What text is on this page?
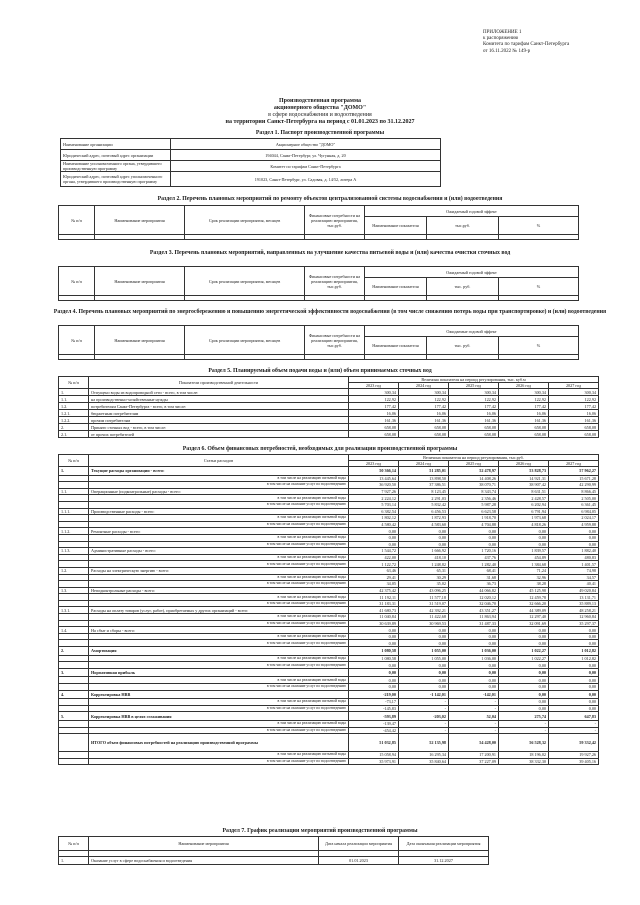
ПРИЛОЖЕНИЕ 1
к распоряжению
Комитета по тарифам Санкт-Петербурга
от 16.11.2022 № 149-р
Производственная программа
акционерного общества "ДОМО"
в сфере водоснабжения и водоотведения
на территории Санкт-Петербурга на период с 01.01.2023 по 31.12.2027
Раздел 1. Паспорт производственной программы
Наименование организации	Акционерное общество "ДОМО"
Юридический адрес, почтовый адрес организации	194044, Санкт-Петербург, ул. Чугунная, д. 20
Наименование уполномоченного органа, утвердившего производственную программу	Комитет по тарифам Санкт-Петербурга
Юридический адрес, почтовый адрес уполномоченного органа, утвердившего производственную программу	191023, Санкт-Петербург, ул. Садовая, д. 14/52, литера А
Раздел 2. Перечень плановых мероприятий по ремонту объектов централизованной системы водоснабжения и (или) водоотведения
№ п/п	Наименование мероприятия	Срок реализации мероприятия, месяцев	Финансовые потребности на реализацию мероприятия, тыс.руб.	Ожидаемый годовой эффект		
				Наименование показателя	тыс.руб.	%

Раздел 3. Перечень плановых мероприятий, направленных на улучшение качества питьевой воды и (или) качества очистки сточных вод
№ п/п	Наименование мероприятия	Срок реализации мероприятия, месяцев	Финансовые потребности на реализацию мероприятия, тыс.руб.	Ожидаемый годовой эффект		
				Наименование показателя	тыс. руб.	%

Раздел 4. Перечень плановых мероприятий по энергосбережению и повышению энергетической эффективности водоснабжения (в том числе снижению потерь воды при транспортировке) и (или) водоотведения
№ п/п	Наименование мероприятия	Срок реализации мероприятия, месяцев	Финансовые потребности на реализацию мероприятия, тыс.руб.	Ожидаемые годовой эффект		
				Наименование показателя	тыс. руб.	%

Раздел 5. Планируемый объем подачи воды и (или) объем принимаемых сточных вод
№ п/п	Показатели производственной деятельности	Величина показателя на период регулирования, тыс. куб.м				
		2023 год	2024 год	2025 год	2026 год	2027 год
1.	Отпущено воды из водопроводной сети - всего, в том числе:	300,34	300,34	300,34	300,34	300,34
1.1.	на производственно-хозяйственные нужды	122,92	122,92	122,92	122,92	122,92
1.2.	потребителям Санкт-Петербурга - всего, в том числе:	177,42	177,42	177,42	177,42	177,42
1.2.1.	бюджетным потребителям	16,06	16,06	16,06	16,06	16,06
1.2.2.	прочим потребителям	161,36	161,36	161,36	161,36	161,36
2.	Принято сточных вод - всего, в том числе:	658,08	658,08	658,08	658,08	658,08
2.1.	от прочих потребителей	658,08	658,08	658,08	658,08	658,08
Раздел 6. Объем финансовых потребностей, необходимых для реализации производственной программы
№ п/п	Статьи расходов	Величина показателя на период регулирования, тыс.руб.				
		2023 год	2024 год	2025 год	2026 год	2027 год
1.	Текущие расходы организации - всего:	50 366,14	51 285,01	52 478,97	53 828,73	57 962,27
	в том числе на реализацию питьевой воды	13 445,64	13 898,50	14 408,26	14 921,31	15 671,28
	в том числе на оказание услуг по водоотведению	36 920,50	37 386,51	38 070,71	38 907,42	42 290,99
1.1.	Операционные (подконтрольные) расходы - всего:	7 927,26	8 123,45	8 343,74	8 631,51	8 866,45
	в том числе на реализацию питьевой воды	2 224,12	2 291,03	2 356,46	2 428,57	2 505,00
	в том числе на оказание услуг по водоотведению	5 703,14	5 832,42	5 987,28	6 202,94	6 361,45
1.1.1.	Производственные расходы - всего:	6 382,54	6 456,53	6 623,58	6 791,94	6 984,05
	в том числе на реализацию питьевой воды	1 802,12	1 872,93	1 918,70	1 973,68	2 024,17
	в том числе на оказание услуг по водоотведению	4 580,42	4 583,60	4 704,88	4 818,26	4 959,88
1.1.2.	Ремонтные расходы - всего:	0,00	0,00	0,00	0,00	0,00
	в том числе на реализацию питьевой воды	0,00	0,00	0,00	0,00	0,00
	в том числе на оказание услуг по водоотведению	0,00	0,00	0,00	0,00	0,00
1.1.3.	Административные расходы - всего:	1 544,72	1 666,92	1 720,16	1 839,57	1 882,40
	в том числе на реализацию питьевой воды	422,00	418,10	437,76	454,89	480,83
	в том числе на оказание услуг по водоотведению	1 122,72	1 248,82	1 282,40	1 384,68	1 401,57
1.2.	Расходы на электрическую энергию - всего:	63,46	65,31	68,41	71,24	74,98
	в том числе на реализацию питьевой воды	29,41	30,29	31,68	32,96	34,57
	в том числе на оказание услуг по водоотведению	34,05	35,02	36,73	38,28	40,41
1.3.	Неподконтрольные расходы - всего:	42 375,42	43 096,25	44 066,82	45 125,98	49 020,84
	в том числе на реализацию питьевой воды	11 192,11	11 577,18	12 020,12	12 459,78	13 131,71
	в том числе на оказание услуг по водоотведению	31 183,31	31 519,07	32 046,70	32 666,20	35 889,13
1.3.1.	Расходы на оплату товаров (услуг, работ), приобретаемых у других организаций - всего:	41 680,73	42 392,21	43 351,27	44 389,09	48 258,21
	в том числе на реализацию питьевой воды	11 040,84	11 422,68	11 863,94	12 297,40	12 960,84
	в том числе на оказание услуг по водоотведению	30 639,89	30 969,53	31 487,33	32 091,69	35 297,37
1.4.	На сбыт и сборы - всего:	0,00	0,00	0,00	0,00	0,00
	в том числе на реализацию питьевой воды	0,00	0,00	0,00	0,00	0,00
	в том числе на оказание услуг по водоотведению	0,00	0,00	0,00	0,00	0,00
2.	Амортизация	1 080,58	1 055,00	1 036,00	1 022,27	1 012,82
	в том числе на реализацию питьевой воды	1 080,58	1 055,00	1 036,00	1 022,27	1 012,82
	в том числе на оказание услуг по водоотведению	0,00	0,00	0,00	0,00	0,00
3.	Нормативная прибыль	0,00	0,00	0,00	0,00	0,00
	в том числе на реализацию питьевой воды	0,00	0,00	0,00	0,00	0,00
	в том числе на оказание услуг по водоотведению	0,00	0,00	0,00	0,00	0,00
4.	Корректировка НВВ	-219,00	-1 142,01	-142,01	0,00	0,00
	в том числе на реализацию питьевой воды	-73,17	-	-	0,00	0,00
	в том числе на оказание услуг по водоотведению	-145,83	-	-	0,00	0,00
5.	Корректировка НВВ в целях сглаживания	-593,89	-203,02	52,04	275,74	647,83
	в том числе на реализацию питьевой воды	-139,47	-	-	-	-
	в том числе на оказание услуг по водоотведению	-454,42	-	-	-	-
	ИТОГО объем финансовых потребностей на реализацию производственной программы	51 032,85	52 135,98	54 428,00	56 528,32	59 332,42
	в том числе на реализацию питьевой воды	15 058,94	16 295,34	17 200,91	18 196,02	19 927,26
	в том числе на оказание услуг по водоотведению	35 973,91	35 840,64	37 227,09	38 332,30	39 405,16
Раздел 7. График реализации мероприятий производственной программы
№ п/п	Наименование мероприятия	Дата начала реализации мероприятия	Дата окончания реализации мероприятия

1.	Оказание услуг в сфере водоснабжения и водоотведения	01.01.2023	31.12.2027
